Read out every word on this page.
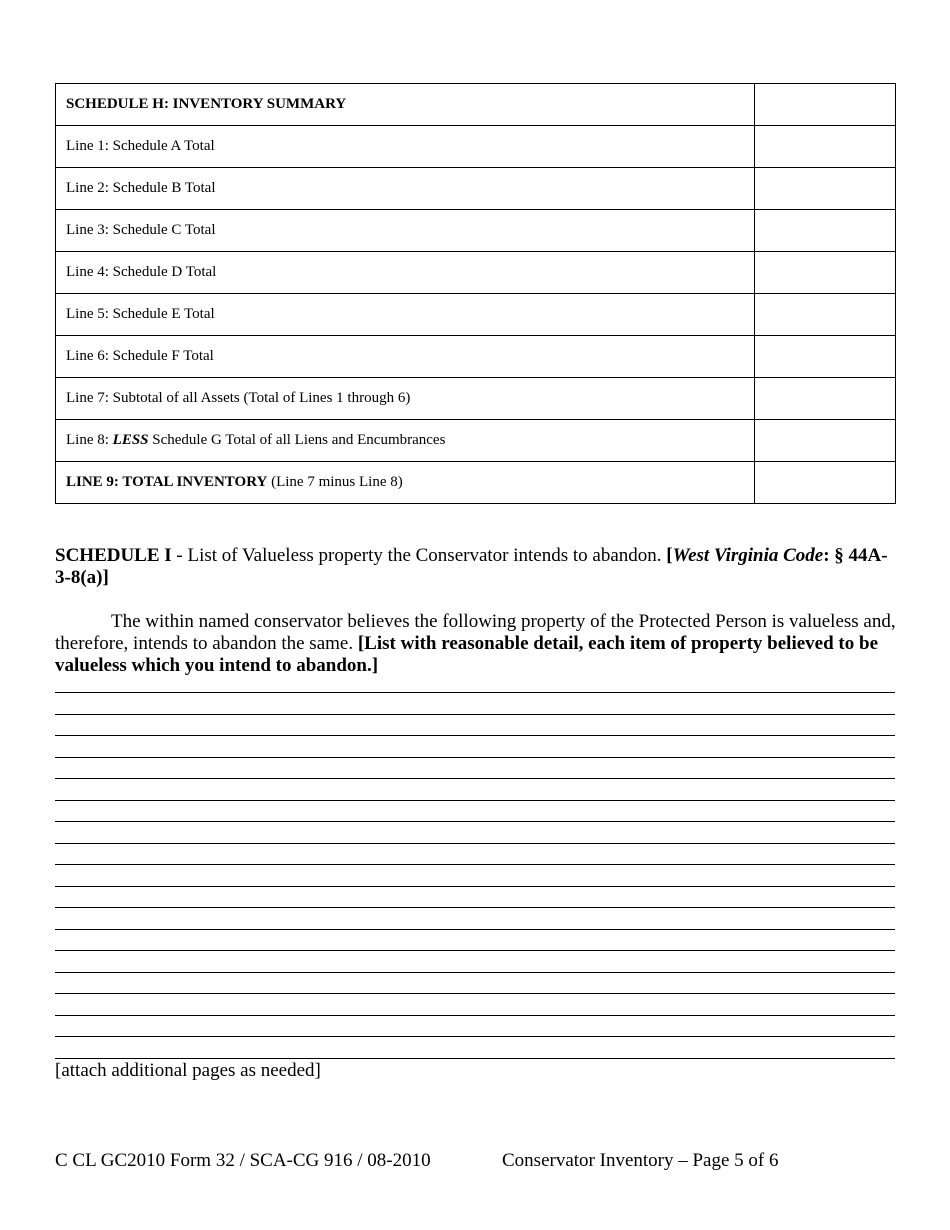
SCHEDULE H: INVENTORY SUMMARY	
Line 1: Schedule A Total	
Line 2: Schedule B Total	
Line 3: Schedule C Total	
Line 4: Schedule D Total	
Line 5: Schedule E Total	
Line 6: Schedule F Total	
Line 7: Subtotal of all Assets (Total of Lines 1 through 6)	
Line 8: LESS Schedule G Total of all Liens and Encumbrances	
LINE 9: TOTAL INVENTORY (Line 7 minus Line 8)	
SCHEDULE I - List of Valueless property the Conservator intends to abandon. [West Virginia Code: § 44A-3-8(a)]
The within named conservator believes the following property of the Protected Person is valueless and, therefore, intends to abandon the same. [List with reasonable detail, each item of property believed to be valueless which you intend to abandon.]
[attach additional pages as needed]
C CL GC2010 Form 32 / SCA-CG 916 / 08-2010	Conservator Inventory – Page 5 of 6
